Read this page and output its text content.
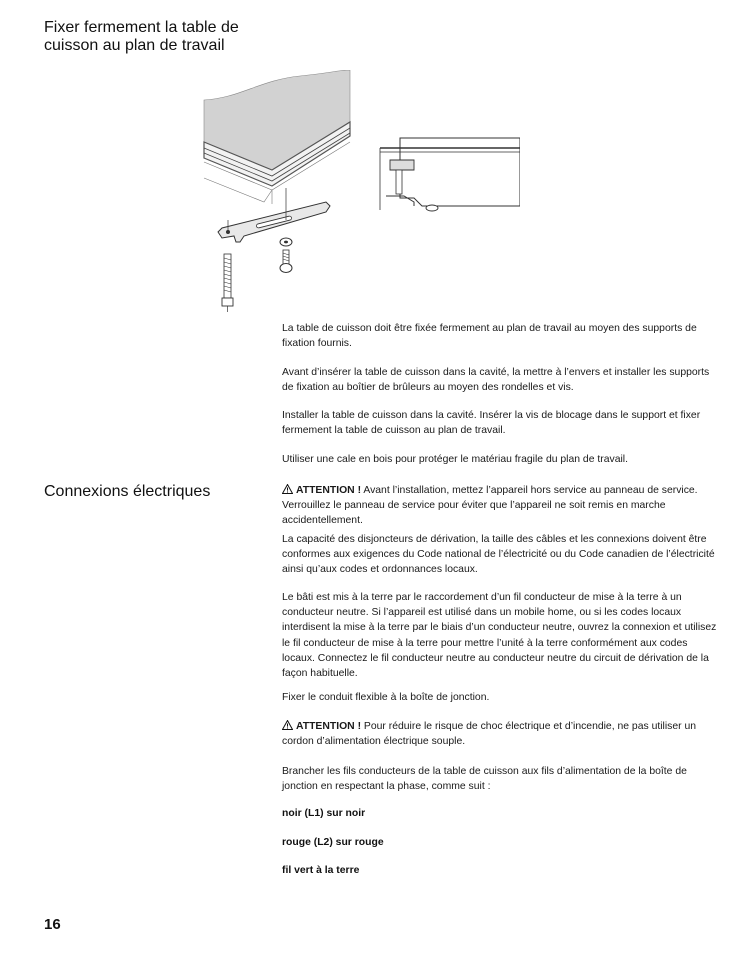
Fixer fermement la table de cuisson au plan de travail

La table de cuisson doit être fixée fermement au plan de travail au moyen des supports de fixation fournis.

Avant d’insérer la table de cuisson dans la cavité, la mettre à l’envers et installer les supports de fixation au boîtier de brûleurs au moyen des rondelles et vis.

Installer la table de cuisson dans la cavité. Insérer la vis de blocage dans le support et fixer fermement la table de cuisson au plan de travail.

Utiliser une cale en bois pour protéger le matériau fragile du plan de travail.

Connexions électriques	ATTENTION ! Avant l’installation, mettez l’appareil hors service au panneau de service. Verrouillez le panneau de service pour éviter que l’appareil ne soit remis en marche accidentellement.

La capacité des disjoncteurs de dérivation, la taille des câbles et les connexions doivent être conformes aux exigences du Code national de l’électricité ou du Code canadien de l’électricité ainsi qu’aux codes et ordonnances locaux.

Le bâti est mis à la terre par le raccordement d’un fil conducteur de mise à la terre à un conducteur neutre. Si l’appareil est utilisé dans un mobile home, ou si les codes locaux interdisent la mise à la terre par le biais d’un conducteur neutre, ouvrez la connexion et utilisez le fil conducteur de mise à la terre pour mettre l’unité à la terre conformément aux codes locaux. Connectez le fil conducteur neutre au conducteur neutre du circuit de dérivation de la façon habituelle.

Fixer le conduit flexible à la boîte de jonction.

ATTENTION ! Pour réduire le risque de choc électrique et d’incendie, ne pas utiliser un cordon d’alimentation électrique souple.

Brancher les fils conducteurs de la table de cuisson aux fils d’alimentation de la boîte de jonction en respectant la phase, comme suit :

noir (L1) sur noir

rouge (L2) sur rouge

fil vert à la terre

16
